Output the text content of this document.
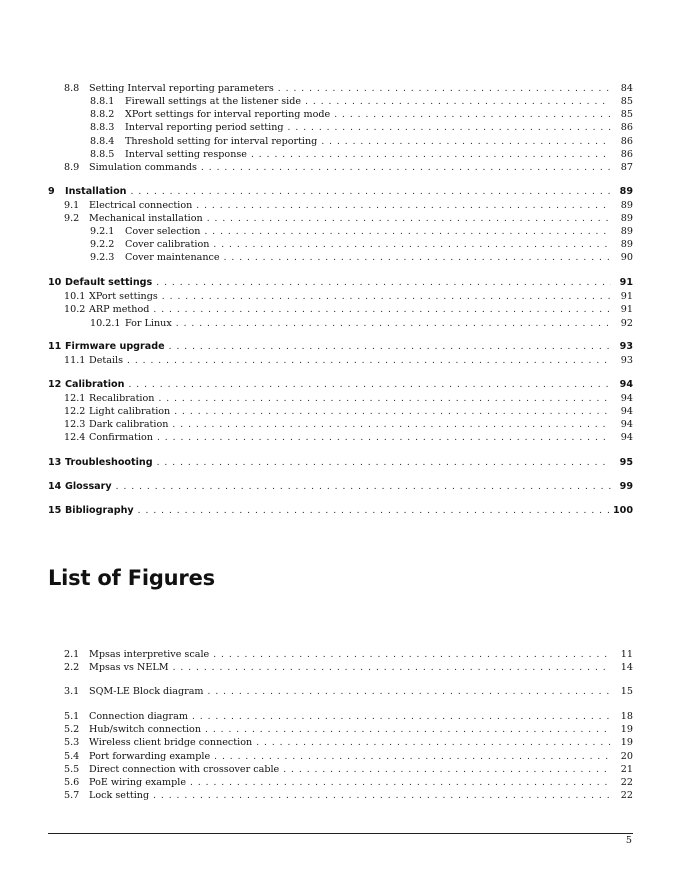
8.8	Setting Interval reporting parameters . . .	84
8.8.1	Firewall settings at the listener side . . .	85
8.8.2	XPort settings for interval reporting mode . . .	85
8.8.3	Interval reporting period setting . . .	86
8.8.4	Threshold setting for interval reporting . . .	86
8.8.5	Interval setting response . . .	86
8.9	Simulation commands . . .	87
9	Installation . . .	89
9.1	Electrical connection . . .	89
9.2	Mechanical installation . . .	89
9.2.1	Cover selection . . .	89
9.2.2	Cover calibration . . .	89
9.2.3	Cover maintenance . . .	90
10 Default settings . . .	91
10.1 XPort settings . . .	91
10.2 ARP method . . .	91
10.2.1 For Linux . . .	92
11 Firmware upgrade . . .	93
11.1 Details . . .	93
12 Calibration . . .	94
12.1 Recalibration . . .	94
12.2 Light calibration . . .	94
12.3 Dark calibration . . .	94
12.4 Confirmation . . .	94
13 Troubleshooting . . .	95
14 Glossary . . .	99
15 Bibliography . . .	100
List of Figures
2.1	Mpsas interpretive scale . . .	11
2.2	Mpsas vs NELM . . .	14
3.1	SQM-LE Block diagram . . .	15
5.1	Connection diagram . . .	18
5.2	Hub/switch connection . . .	19
5.3	Wireless client bridge connection . . .	19
5.4	Port forwarding example . . .	20
5.5	Direct connection with crossover cable . . .	21
5.6	PoE wiring example . . .	22
5.7	Lock setting . . .	22
5
